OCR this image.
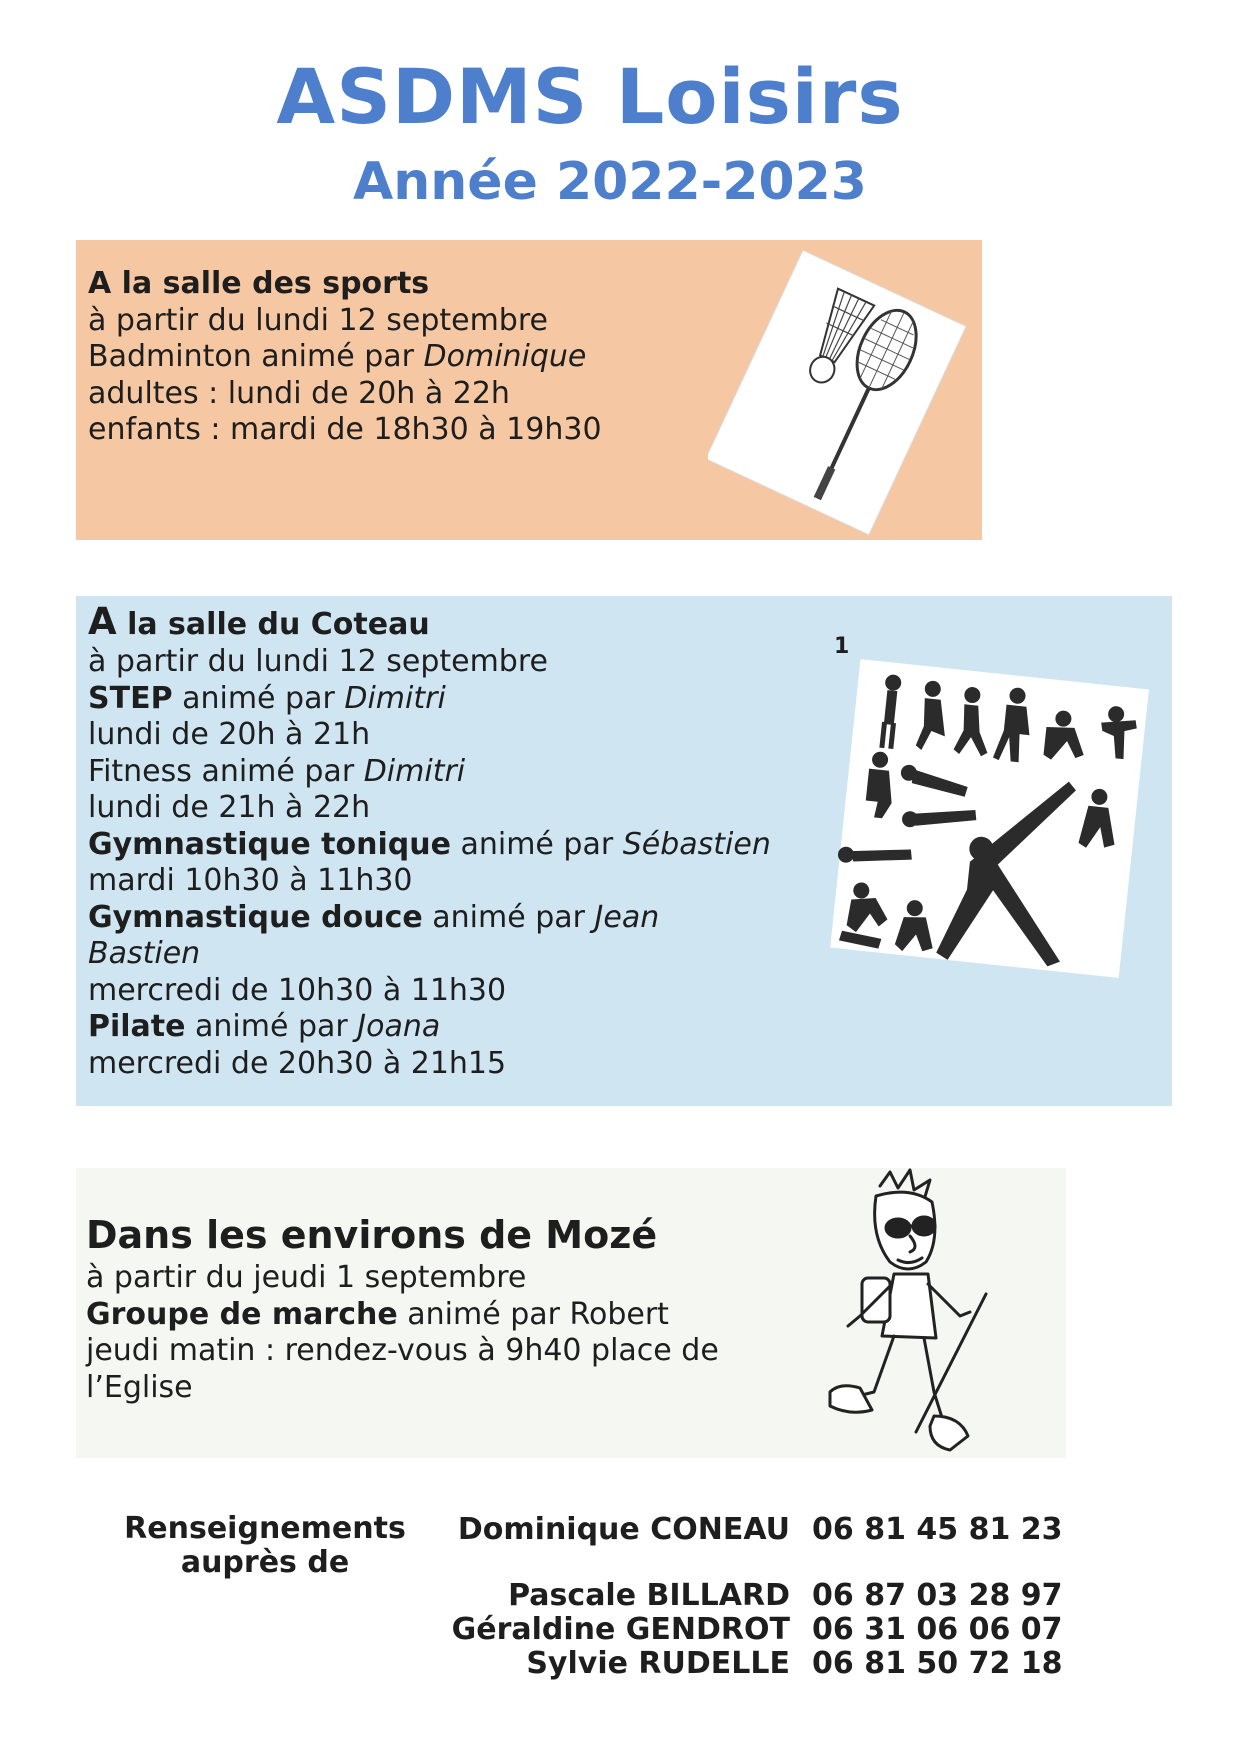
ASDMS Loisirs
Année 2022-2023
A la salle des sports
à partir du lundi 12 septembre
Badminton animé par Dominique
adultes : lundi de 20h à 22h
enfants : mardi de 18h30 à 19h30
A la salle du Coteau
à partir du lundi 12 septembre
STEP animé par Dimitri
lundi de 20h à 21h
Fitness animé par Dimitri
lundi de 21h à 22h
Gymnastique tonique animé par Sébastien
mardi 10h30 à 11h30
Gymnastique douce animé par Jean
Bastien
mercredi de 10h30 à 11h30
Pilate animé par Joana
mercredi de 20h30 à 21h15
1
Dans les environs de Mozé
à partir du jeudi 1 septembre
Groupe de marche animé par Robert
jeudi matin : rendez-vous à 9h40 place de
l’Eglise
Renseignements
auprès de
Dominique CONEAU 06 81 45 81 23
Pascale BILLARD 06 87 03 28 97
Géraldine GENDROT 06 31 06 06 07
Sylvie RUDELLE 06 81 50 72 18
